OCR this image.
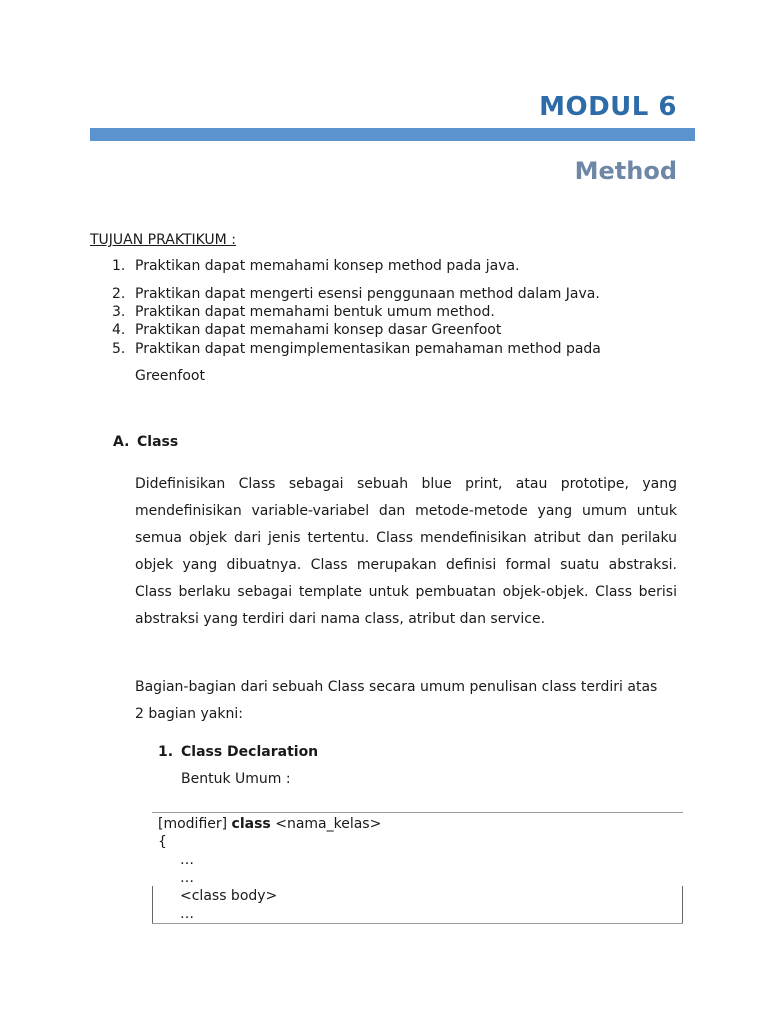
MODUL 6
Method
TUJUAN PRAKTIKUM :
1. Praktikan dapat memahami konsep method pada java.
2. Praktikan dapat mengerti esensi penggunaan method dalam Java.
3. Praktikan dapat memahami bentuk umum method.
4. Praktikan dapat memahami konsep dasar Greenfoot
5. Praktikan dapat mengimplementasikan pemahaman method pada
Greenfoot
A. Class
Didefinisikan Class sebagai sebuah blue print, atau prototipe, yang mendefinisikan variable-variabel dan metode-metode yang umum untuk semua objek dari jenis tertentu. Class mendefinisikan atribut dan perilaku objek yang dibuatnya. Class merupakan definisi formal suatu abstraksi. Class berlaku sebagai template untuk pembuatan objek-objek. Class berisi abstraksi yang terdiri dari nama class, atribut dan service.
Bagian-bagian dari sebuah Class secara umum penulisan class terdiri atas 2 bagian yakni:
1. Class Declaration
Bentuk Umum :
[modifier] class <nama_kelas>
{
…
…
<class body>
…
